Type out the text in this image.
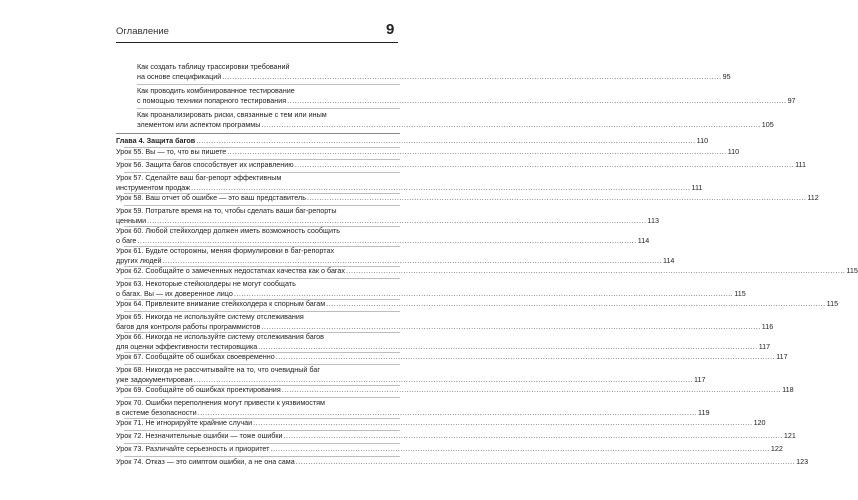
Оглавление	9
Как создать таблицу трассировки требований
на основе спецификаций ........................................................................................................................................................................................................ 95
Как проводить комбинированное тестирование
с помощью техники попарного тестирования ........................................................................................................................................................................................................ 97
Как проанализировать риски, связанные с тем или иным
элементом или аспектом программы ........................................................................................................................................................................................................ 105
Глава 4. Защита багов ........................................................................................................................................................................................................ 110
Урок 55. Вы — то, что вы пишете ........................................................................................................................................................................................................ 110
Урок 56. Защита багов способствует их исправлению ........................................................................................................................................................................................................ 111
Урок 57. Сделайте ваш баг-репорт эффективным
инструментом продаж ........................................................................................................................................................................................................ 111
Урок 58. Ваш отчет об ошибке — это ваш представитель ........................................................................................................................................................................................................ 112
Урок 59. Потратьте время на то, чтобы сделать ваши баг-репорты
ценными ........................................................................................................................................................................................................ 113
Урок 60. Любой стейкхолдер должен иметь возможность сообщить
о баге ........................................................................................................................................................................................................ 114
Урок 61. Будьте осторожны, меняя формулировки в баг-репортах
других людей ........................................................................................................................................................................................................ 114
Урок 62. Сообщайте о замеченных недостатках качества как о багах ........................................................................................................................................................................................................ 115
Урок 63. Некоторые стейкхолдеры не могут сообщать
о багах. Вы — их доверенное лицо ........................................................................................................................................................................................................ 115
Урок 64. Привлеките внимание стейкхолдера к спорным багам ........................................................................................................................................................................................................ 115
Урок 65. Никогда не используйте систему отслеживания
багов для контроля работы программистов ........................................................................................................................................................................................................ 116
Урок 66. Никогда не используйте систему отслеживания багов
для оценки эффективности тестировщика ........................................................................................................................................................................................................ 117
Урок 67. Сообщайте об ошибках своевременно ........................................................................................................................................................................................................ 117
Урок 68. Никогда не рассчитывайте на то, что очевидный баг
уже задокументирован ........................................................................................................................................................................................................ 117
Урок 69. Сообщайте об ошибках проектирования ........................................................................................................................................................................................................ 118
Урок 70. Ошибки переполнения могут привести к уязвимостям
в системе безопасности ........................................................................................................................................................................................................ 119
Урок 71. Не игнорируйте крайние случаи ........................................................................................................................................................................................................ 120
Урок 72. Незначительные ошибки — тоже ошибки ........................................................................................................................................................................................................ 121
Урок 73. Различайте серьезность и приоритет ........................................................................................................................................................................................................ 122
Урок 74. Отказ — это симптом ошибки, а не она сама ........................................................................................................................................................................................................ 123
